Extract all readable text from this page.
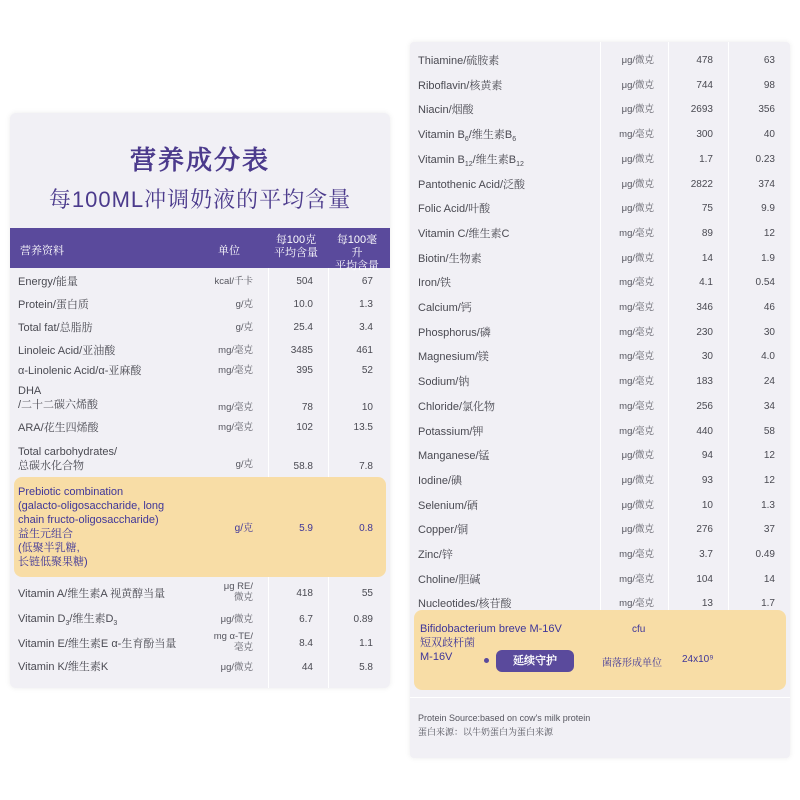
营养成分表
每100ML冲调奶液的平均含量
营养资料	单位
每100克
平均含量
每100毫升
平均含量
Energy/能量	kcal/千卡	504	67
Protein/蛋白质	g/克	10.0	1.3
Total fat/总脂肪	g/克	25.4	3.4
Linoleic Acid/亚油酸	mg/毫克	3485	461
α-Linolenic Acid/α-亚麻酸	mg/毫克	395	52
DHA
/二十二碳六烯酸	mg/毫克	78	10
ARA/花生四烯酸	mg/毫克	102	13.5
Total carbohydrates/
总碳水化合物	g/克	58.8	7.8
Prebiotic combination
(galacto-oligosaccharide, long
chain fructo-oligosaccharide)
益生元组合
(低聚半乳糖,
长链低聚果糖)
g/克	5.9	0.8
Vitamin A/维生素A 视黄醇当量
μg RE/
微克	418	55
Vitamin $D_3/$维生素$D_3$	μg/微克	6.7	0.89
Vitamin E/维生素E α-生育酚当量
mg α-TE/
毫克	8.4	1.1
Vitamin K/维生素K	μg/微克	44	5.8
Thiamine/硫胺素	μg/微克	478	63
Riboflavin/核黄素	μg/微克	744	98
Niacin/烟酸	μg/微克	2693	356
Vitamin $B_6/$维生素$B_6$	mg/毫克	300	40
Vitamin $B_{12}/$维生素$B_{12}$	μg/微克	1.7	0.23
Pantothenic Acid/泛酸	μg/微克	2822	374
Folic Acid/叶酸	μg/微克	75	9.9
Vitamin C/维生素C	mg/毫克	89	12
Biotin/生物素	μg/微克	14	1.9
Iron/铁	mg/毫克	4.1	0.54
Calcium/钙	mg/毫克	346	46
Phosphorus/磷	mg/毫克	230	30
Magnesium/镁	mg/毫克	30	4.0
Sodium/钠	mg/毫克	183	24
Chloride/氯化物	mg/毫克	256	34
Potassium/钾	mg/毫克	440	58
Manganese/锰	μg/微克	94	12
Iodine/碘	μg/微克	93	12
Selenium/硒	μg/微克	10	1.3
Copper/铜	μg/微克	276	37
Zinc/锌	mg/毫克	3.7	0.49
Choline/胆碱	mg/毫克	104	14
Nucleotides/核苷酸	mg/毫克	13	1.7
Bifidobacterium breve M-16V
短双歧杆菌
M-16V	延续守护
cfu
菌落形成单位 24x10⁹
Protein Source:based on cow's milk protein
蛋白来源：以牛奶蛋白为蛋白来源
